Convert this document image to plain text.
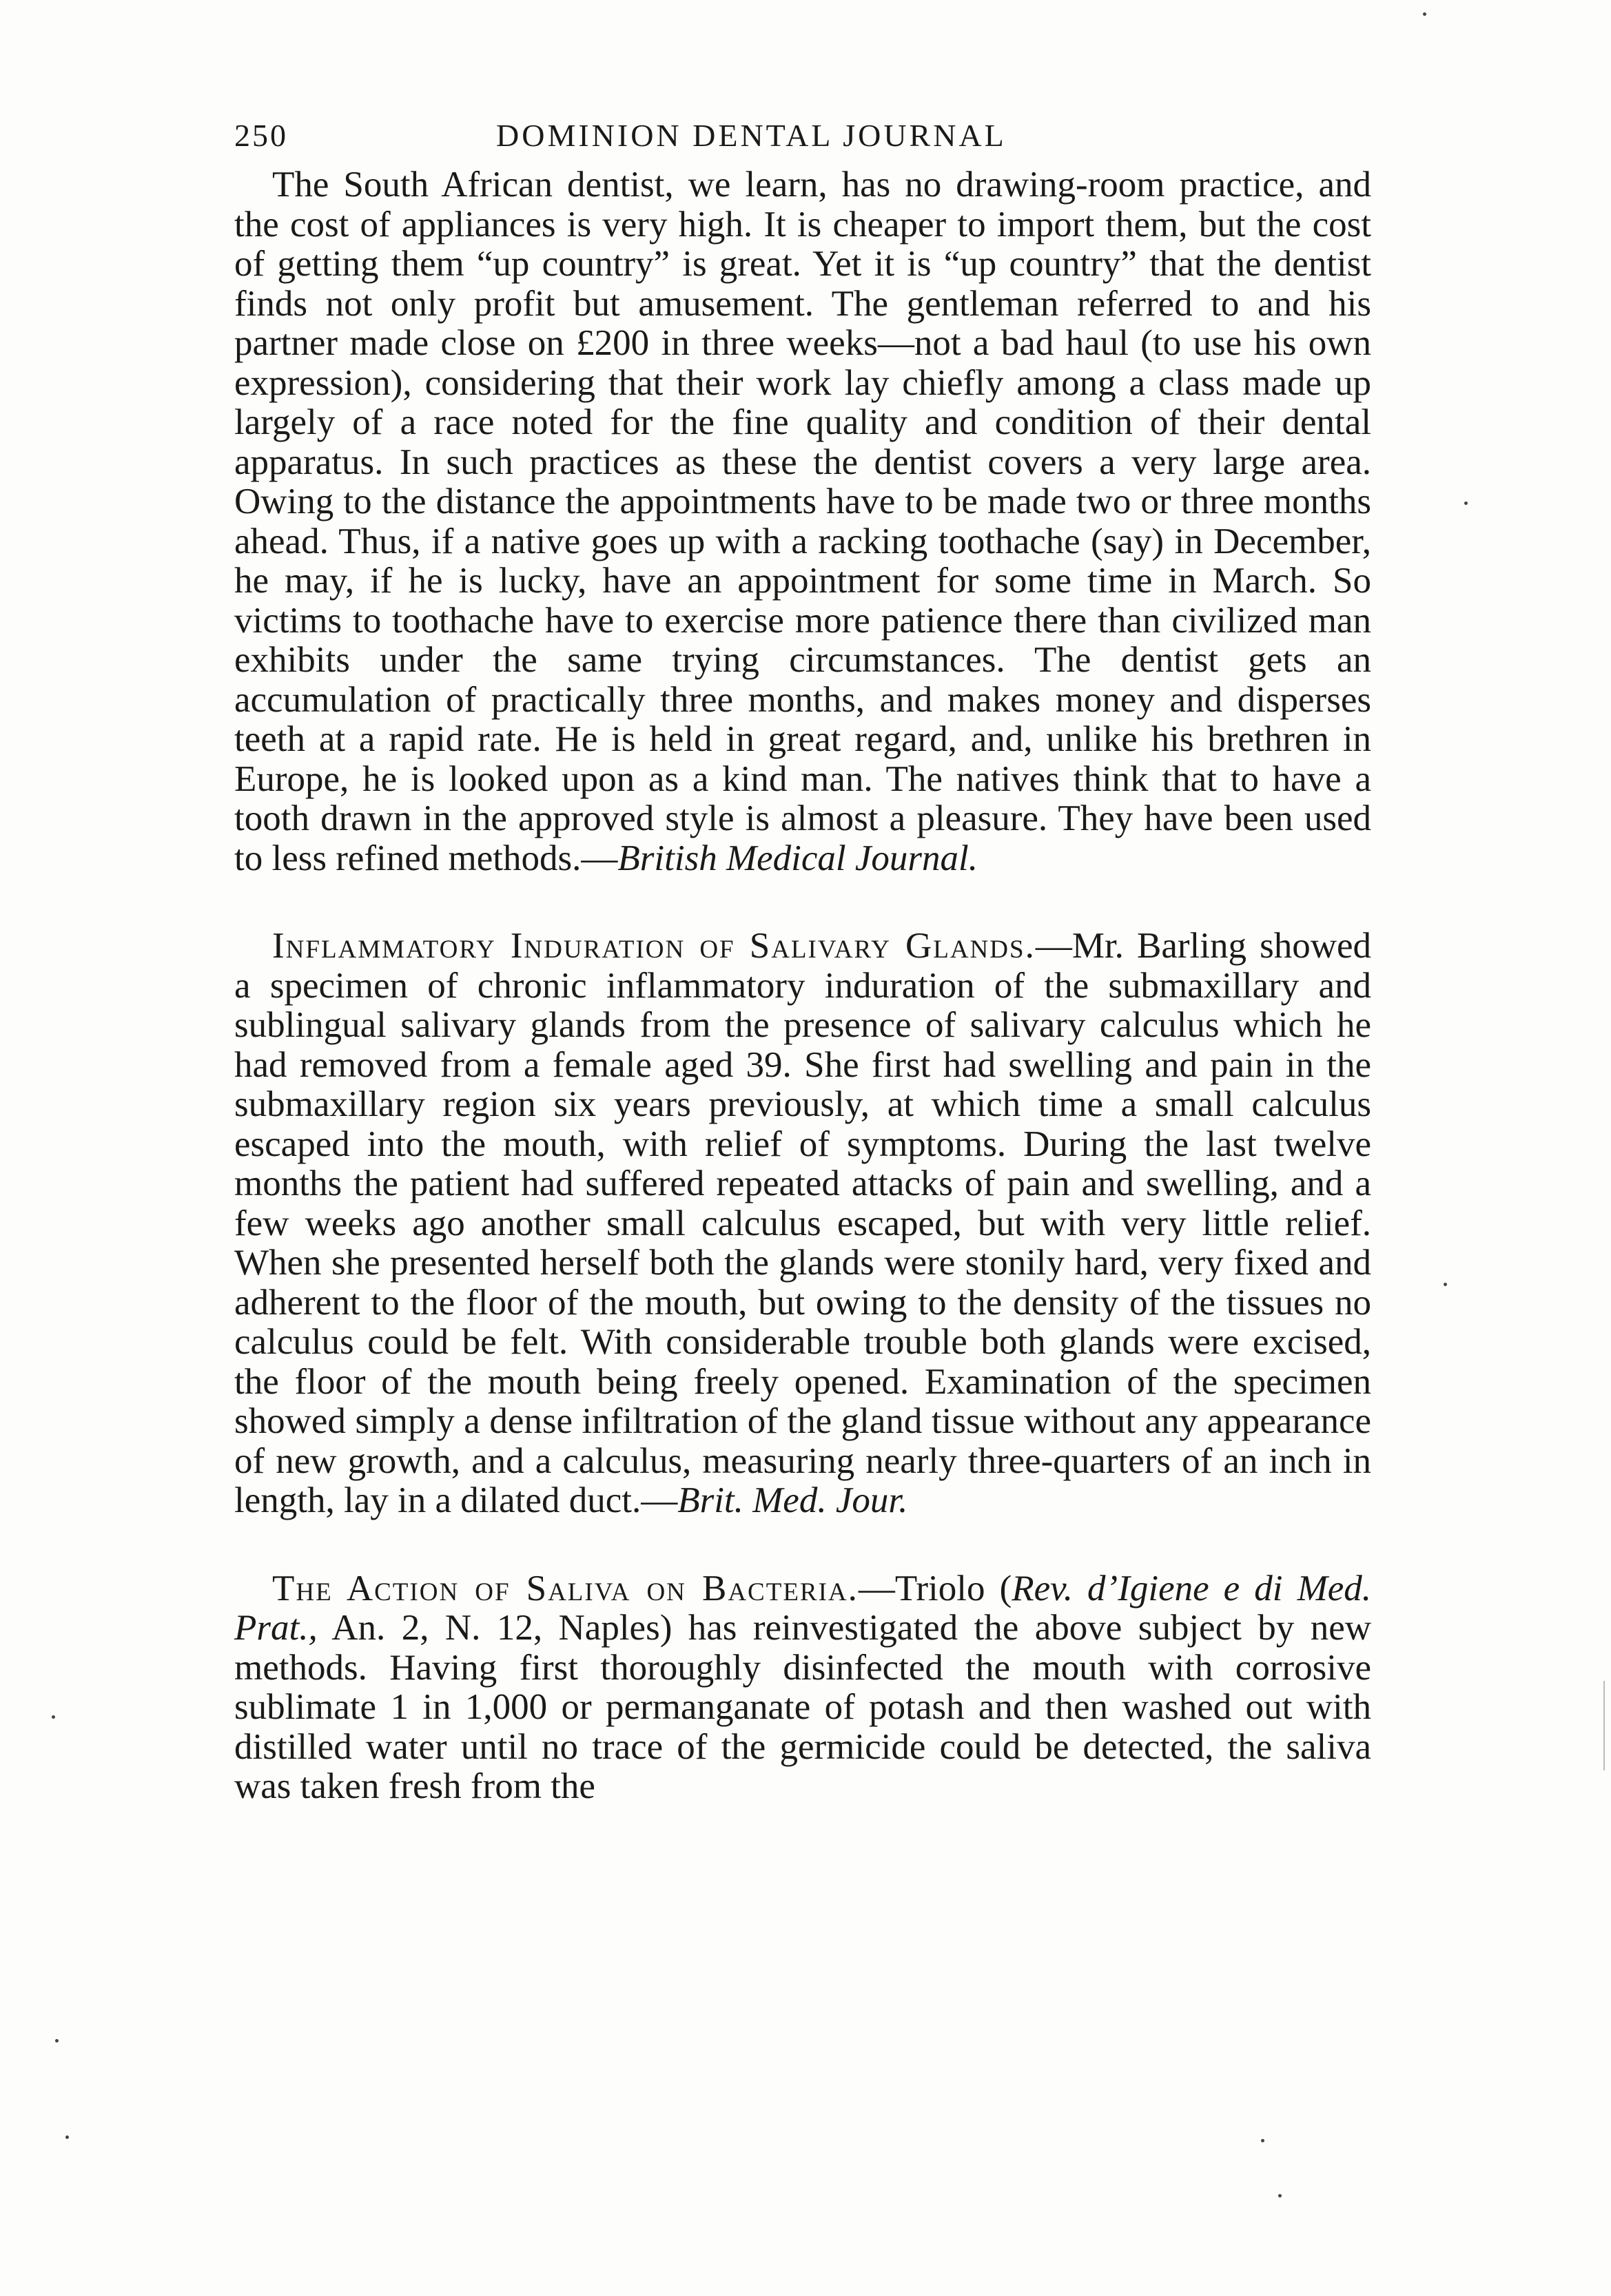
250	DOMINION DENTAL JOURNAL

The South African dentist, we learn, has no drawing-room practice, and the cost of appliances is very high. It is cheaper to import them, but the cost of getting them “up country” is great. Yet it is “up country” that the dentist finds not only profit but amusement. The gentleman referred to and his partner made close on £200 in three weeks—not a bad haul (to use his own expression), considering that their work lay chiefly among a class made up largely of a race noted for the fine quality and condition of their dental apparatus. In such practices as these the dentist covers a very large area. Owing to the distance the appointments have to be made two or three months ahead. Thus, if a native goes up with a racking toothache (say) in December, he may, if he is lucky, have an appointment for some time in March. So victims to toothache have to exercise more patience there than civilized man exhibits under the same trying circumstances. The dentist gets an accumulation of practically three months, and makes money and disperses teeth at a rapid rate. He is held in great regard, and, unlike his brethren in Europe, he is looked upon as a kind man. The natives think that to have a tooth drawn in the approved style is almost a pleasure. They have been used to less refined methods.—British Medical Journal.

Inflammatory Induration of Salivary Glands.—Mr. Barling showed a specimen of chronic inflammatory induration of the submaxillary and sublingual salivary glands from the presence of salivary calculus which he had removed from a female aged 39. She first had swelling and pain in the submaxillary region six years previously, at which time a small calculus escaped into the mouth, with relief of symptoms. During the last twelve months the patient had suffered repeated attacks of pain and swelling, and a few weeks ago another small calculus escaped, but with very little relief. When she presented herself both the glands were stonily hard, very fixed and adherent to the floor of the mouth, but owing to the density of the tissues no calculus could be felt. With considerable trouble both glands were excised, the floor of the mouth being freely opened. Examination of the specimen showed simply a dense infiltration of the gland tissue without any appearance of new growth, and a calculus, measuring nearly three-quarters of an inch in length, lay in a dilated duct.—Brit. Med. Jour.

The Action of Saliva on Bacteria.—Triolo (Rev. d’Igiene e di Med. Prat., An. 2, N. 12, Naples) has reinvestigated the above subject by new methods. Having first thoroughly disinfected the mouth with corrosive sublimate 1 in 1,000 or permanganate of potash and then washed out with distilled water until no trace of the germicide could be detected, the saliva was taken fresh from the
